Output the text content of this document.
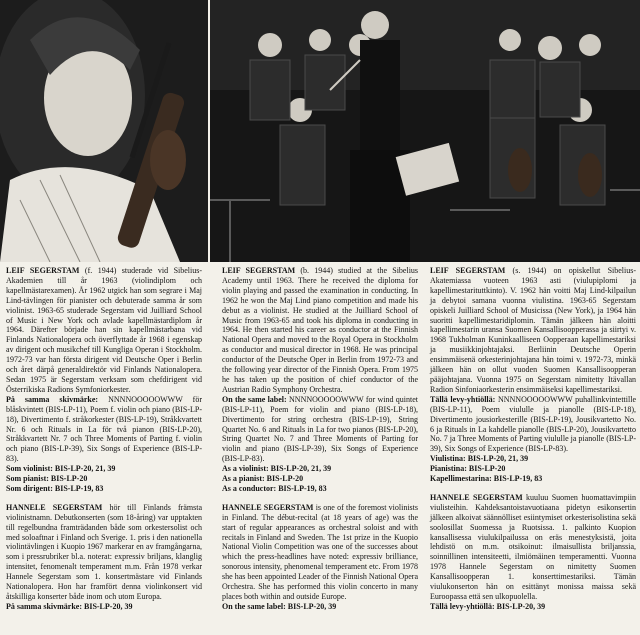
LEIF SEGERSTAM (f. 1944) studerade vid Sibelius-Akademien till år 1963 (violindiplom och kapellmästarexamen). År 1962 utgick han som segrare i Maj Lind-tävlingen för pianister och debuterade samma år som violinist. 1963-65 studerade Segerstam vid Juilliard School of Music i New York och avlade kapellmästardiplom år 1964. Därefter började han sin kapellmästarbana vid Finlands Nationalopera och överflyttade år 1968 i egenskap av dirigent och musikchef till Kungliga Operan i Stockholm. 1972-73 var han första dirigent vid Deutsche Oper i Berlin och året därpå generaldirektör vid Finlands Nationalopera. Sedan 1975 är Segerstam verksam som chefdirigent vid Österrikiska Radions Symfoniorkester.

På samma skivmärke: NNNNOOOOOWWW för blåskvintett (BIS-LP-11), Poem f. violin och piano (BIS-LP-18), Divertimento f. stråkorkester (BIS-LP-19), Stråkkvartett Nr. 6 och Rituals in La för två pianon (BIS-LP-20), Stråkkvartett Nr. 7 och Three Moments of Parting f. violin och piano (BIS-LP-39), Six Songs of Experience (BIS-LP-83).

Som violinist: BIS-LP-20, 21, 39
Som pianist: BIS-LP-20
Som dirigent: BIS-LP-19, 83

HANNELE SEGERSTAM hör till Finlands främsta violinistnamn. Debutkonserten (som 18-åring) var upptakten till regelbundna framträdanden både som orkestersolist och med soloaftnar i Finland och Sverige. 1. pris i den nationella violintävlingen i Kuopio 1967 markerar en av framgångarna, som i pressrubriker bl.a. noterat: expressiv briljans, klanglig intensitet, fenomenalt temperament m.m. Från 1978 verkar Hannele Segerstam som 1. konsertmästare vid Finlands Nationalopera. Hon har framfört denna violinkonsert vid åtskilliga konserter både inom och utom Europa.

På samma skivmärke: BIS-LP-20, 39

LEIF SEGERSTAM (b. 1944) studied at the Sibelius Academy until 1963. There he received the diploma for violin playing and passed the examination in conducting. In 1962 he won the Maj Lind piano competition and made his debut as a violinist. He studied at the Juilliard School of Music from 1963-65 and took his diploma in conducting in 1964. He then started his career as conductor at the Finnish National Opera and moved to the Royal Opera in Stockholm as conductor and musical director in 1968. He was principal conductor of the Deutsche Oper in Berlin from 1972-73 and the following year director of the Finnish Opera. From 1975 he has taken up the position of chief conductor of the Austrian Radio Symphony Orchestra.

On the same label: NNNNOOOOOWWW for wind quintet (BIS-LP-11), Poem for violin and piano (BIS-LP-18), Divertimento for string orchestra (BIS-LP-19), String Quartet No. 6 and Rituals in La for two pianos (BIS-LP-20), String Quartet No. 7 and Three Moments of Parting for violin and piano (BIS-LP-39), Six Songs of Experience (BIS-LP-83).

As a violinist: BIS-LP-20, 21, 39
As a pianist: BIS-LP-20
As a conductor: BIS-LP-19, 83

HANNELE SEGERSTAM is one of the foremost violinists in Finland. The début-recital (at 18 years of age) was the start of regular appearances as orchestral soloist and with recitals in Finland and Sweden. The 1st prize in the Kuopio National Violin Competition was one of the successes about which the press-headlines have noted: expressiv brilliance, sonorous intensity, phenomenal temperament etc. From 1978 she has been appointed Leader of the Finnish National Opera Orchestra. She has performed this violin concerto in many places both within and outside Europe.

On the same label: BIS-LP-20, 39

LEIF SEGERSTAM (s. 1944) on opiskellut Sibelius-Akatemiassa vuoteen 1963 asti (viulupiplomi ja kapellimestarituttkinto). V. 1962 hän voitti Maj Lind-kilpailun ja debytoi samana vuonna viulistina. 1963-65 Segerstam opiskeli Juilliard School of Musicissa (New York), ja 1964 hän suoritti kapellimestaridiplomin. Tämän jälkeen hän aloitti kapellimestarin uransa Suomen Kansallisoopperassa ja siirtyi v. 1968 Tukholman Kuninkaalliseen Oopperaan kapellimestariksi ja musiikkinjohtajaksi. Berliinin Deutsche Operin ensimmäisenä orkesterinjohtajana hän toimi v. 1972-73, minkä jälkeen hän on ollut vuoden Suomen Kansallisoopperan pääjohtajana. Vuonna 1975 on Segerstam nimitetty Itävallan Radion Sinfoniaorkesterin ensimmäiseksi kapellimestariksi.

Tällä levy-yhtiöllä: NNNNOOOOOWWW puhallinkvintettille (BIS-LP-11), Poem viululle ja pianolle (BIS-LP-18), Divertimento jousiorkesterille (BIS-LP-19), Jousikvartetto No. 6 ja Rituals in La kahdelle pianolle (BIS-LP-20), Jousikvartetto No. 7 ja Three Moments of Parting viululle ja pianolle (BIS-LP-39), Six Songs of Experience (BIS-LP-83).

Viulistina: BIS-LP-20, 21, 39
Pianistina: BIS-LP-20
Kapellimestarina: BIS-LP-19, 83

HANNELE SEGERSTAM kuuluu Suomen huomattavimpiin viulisteihin. Kahdeksantoistavuotiaana pidetyn esikonsertin jälkeen alkoivat säännölliset esiintymiset orkesterisolistina sekä soolosillat Suomessa ja Ruotsissa. 1. palkinto Kuopion kansallisessa viulukilpailussa on eräs menestyksistä, joita lehdistö on m.m. otsikoinut: ilmaisullista briljanssia, soinnillinen intensiteetti, ilmiömäinen temperamentti. Vuonna 1978 Hannele Segerstam on nimitetty Suomen Kansallisoopperan 1. konserttimestariksi. Tämän viulukonserton hän on esittänyt monissa maissa sekä Euroopassa että sen ulkopuolella.

Tällä levy-yhtiöllä: BIS-LP-20, 39
